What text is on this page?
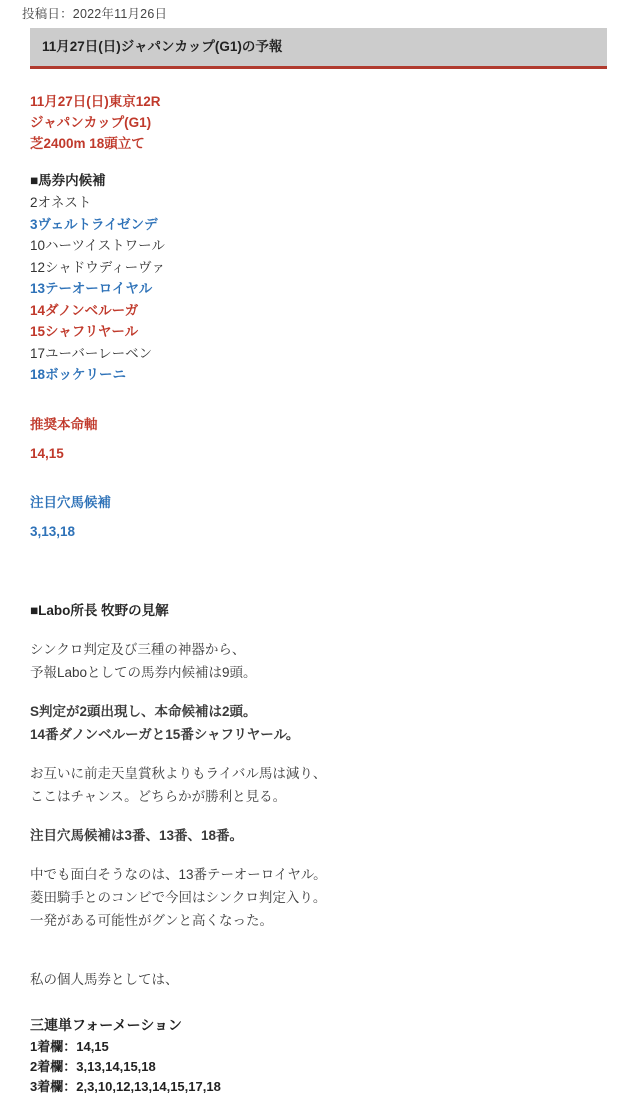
投稿日：2022年11月26日
11月27日(日)ジャパンカップ(G1)の予報
11月27日(日)東京12R
ジャパンカップ(G1)
芝2400m 18頭立て
■馬券内候補
2オネスト
3ヴェルトライゼンデ
10ハーツイストワール
12シャドウディーヴァ
13テーオーロイヤル
14ダノンベルーガ
15シャフリヤール
17ユーバーレーベン
18ボッケリーニ
推奨本命軸
14,15
注目穴馬候補
3,13,18
■Labo所長 牧野の見解
シンクロ判定及び三種の神器から、
予報Laboとしての馬券内候補は9頭。
S判定が2頭出現し、本命候補は2頭。
14番ダノンベルーガと15番シャフリヤール。
お互いに前走天皇賞秋よりもライバル馬は減り、
ここはチャンス。どちらかが勝利と見る。
注目穴馬候補は3番、13番、18番。
中でも面白そうなのは、13番テーオーロイヤル。
菱田騎手とのコンビで今回はシンクロ判定入り。
一発がある可能性がグンと高くなった。
私の個人馬券としては、
三連単フォーメーション
1着欄：14,15
2着欄：3,13,14,15,18
3着欄：2,3,10,12,13,14,15,17,18
